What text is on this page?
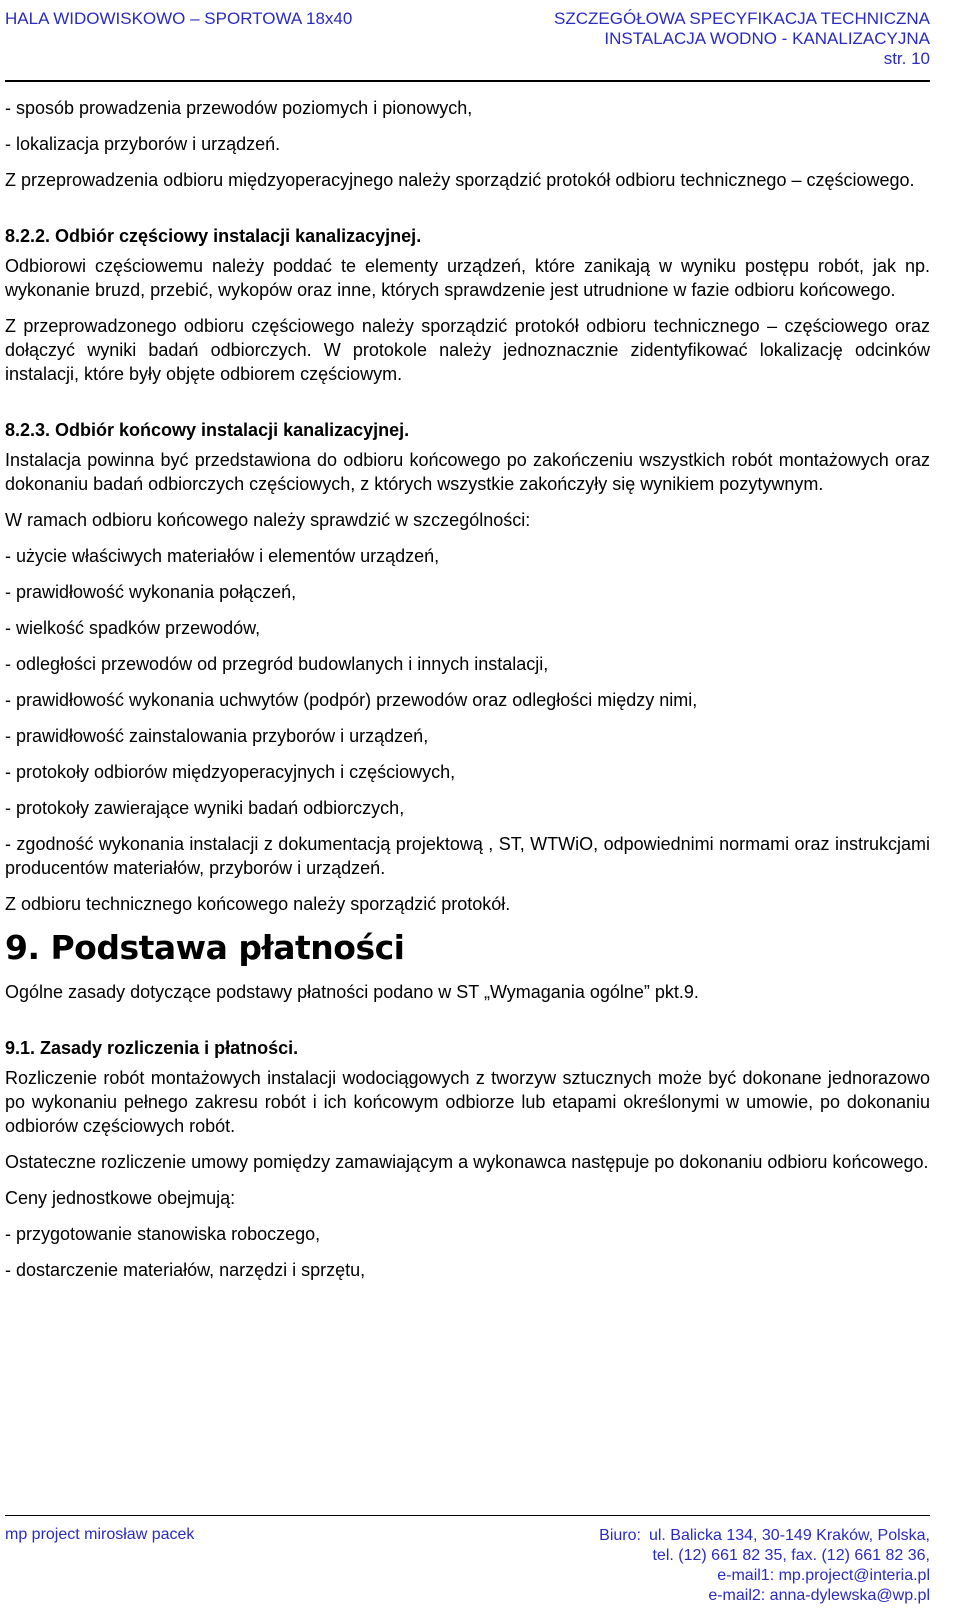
HALA WIDOWISKOWO – SPORTOWA 18x40	SZCZEGÓŁOWA SPECYFIKACJA TECHNICZNA
INSTALACJA WODNO - KANALIZACYJNA
str. 10
- sposób prowadzenia przewodów poziomych i pionowych,
- lokalizacja przyborów i urządzeń.
Z przeprowadzenia odbioru międzyoperacyjnego należy sporządzić protokół odbioru technicznego – częściowego.
8.2.2. Odbiór częściowy instalacji kanalizacyjnej.
Odbiorowi częściowemu należy poddać te elementy urządzeń, które zanikają w wyniku postępu robót, jak np. wykonanie bruzd, przebić, wykopów oraz inne, których sprawdzenie jest utrudnione w fazie odbioru końcowego.
Z przeprowadzonego odbioru częściowego należy sporządzić protokół odbioru technicznego – częściowego oraz dołączyć wyniki badań odbiorczych. W protokole należy jednoznacznie zidentyfikować lokalizację odcinków instalacji, które były objęte odbiorem częściowym.
8.2.3. Odbiór końcowy instalacji kanalizacyjnej.
Instalacja powinna być przedstawiona do odbioru końcowego po zakończeniu wszystkich robót montażowych oraz dokonaniu badań odbiorczych częściowych, z których wszystkie zakończyły się wynikiem pozytywnym.
W ramach odbioru końcowego należy sprawdzić w szczególności:
- użycie właściwych materiałów i elementów urządzeń,
- prawidłowość wykonania połączeń,
- wielkość spadków przewodów,
- odległości przewodów od przegród budowlanych i innych instalacji,
- prawidłowość wykonania uchwytów (podpór) przewodów oraz odległości między nimi,
- prawidłowość zainstalowania przyborów i urządzeń,
- protokoły odbiorów międzyoperacyjnych i częściowych,
- protokoły zawierające wyniki badań odbiorczych,
- zgodność wykonania instalacji z dokumentacją projektową , ST, WTWiO, odpowiednimi normami oraz instrukcjami producentów materiałów, przyborów i urządzeń.
Z odbioru technicznego końcowego należy sporządzić protokół.
9. Podstawa płatności
Ogólne zasady dotyczące podstawy płatności podano w ST „Wymagania ogólne” pkt.9.
9.1. Zasady rozliczenia i płatności.
Rozliczenie robót montażowych instalacji wodociągowych z tworzyw sztucznych może być dokonane jednorazowo po wykonaniu pełnego zakresu robót i ich końcowym odbiorze lub etapami określonymi w umowie, po dokonaniu odbiorów częściowych robót.
Ostateczne rozliczenie umowy pomiędzy zamawiającym a wykonawca następuje po dokonaniu odbioru końcowego.
Ceny jednostkowe obejmują:
- przygotowanie stanowiska roboczego,
- dostarczenie materiałów, narzędzi i sprzętu,
mp project mirosław pacek	Biuro: ul. Balicka 134, 30-149 Kraków, Polska,
tel. (12) 661 82 35, fax. (12) 661 82 36,
e-mail1: mp.project@interia.pl
e-mail2: anna-dylewska@wp.pl
